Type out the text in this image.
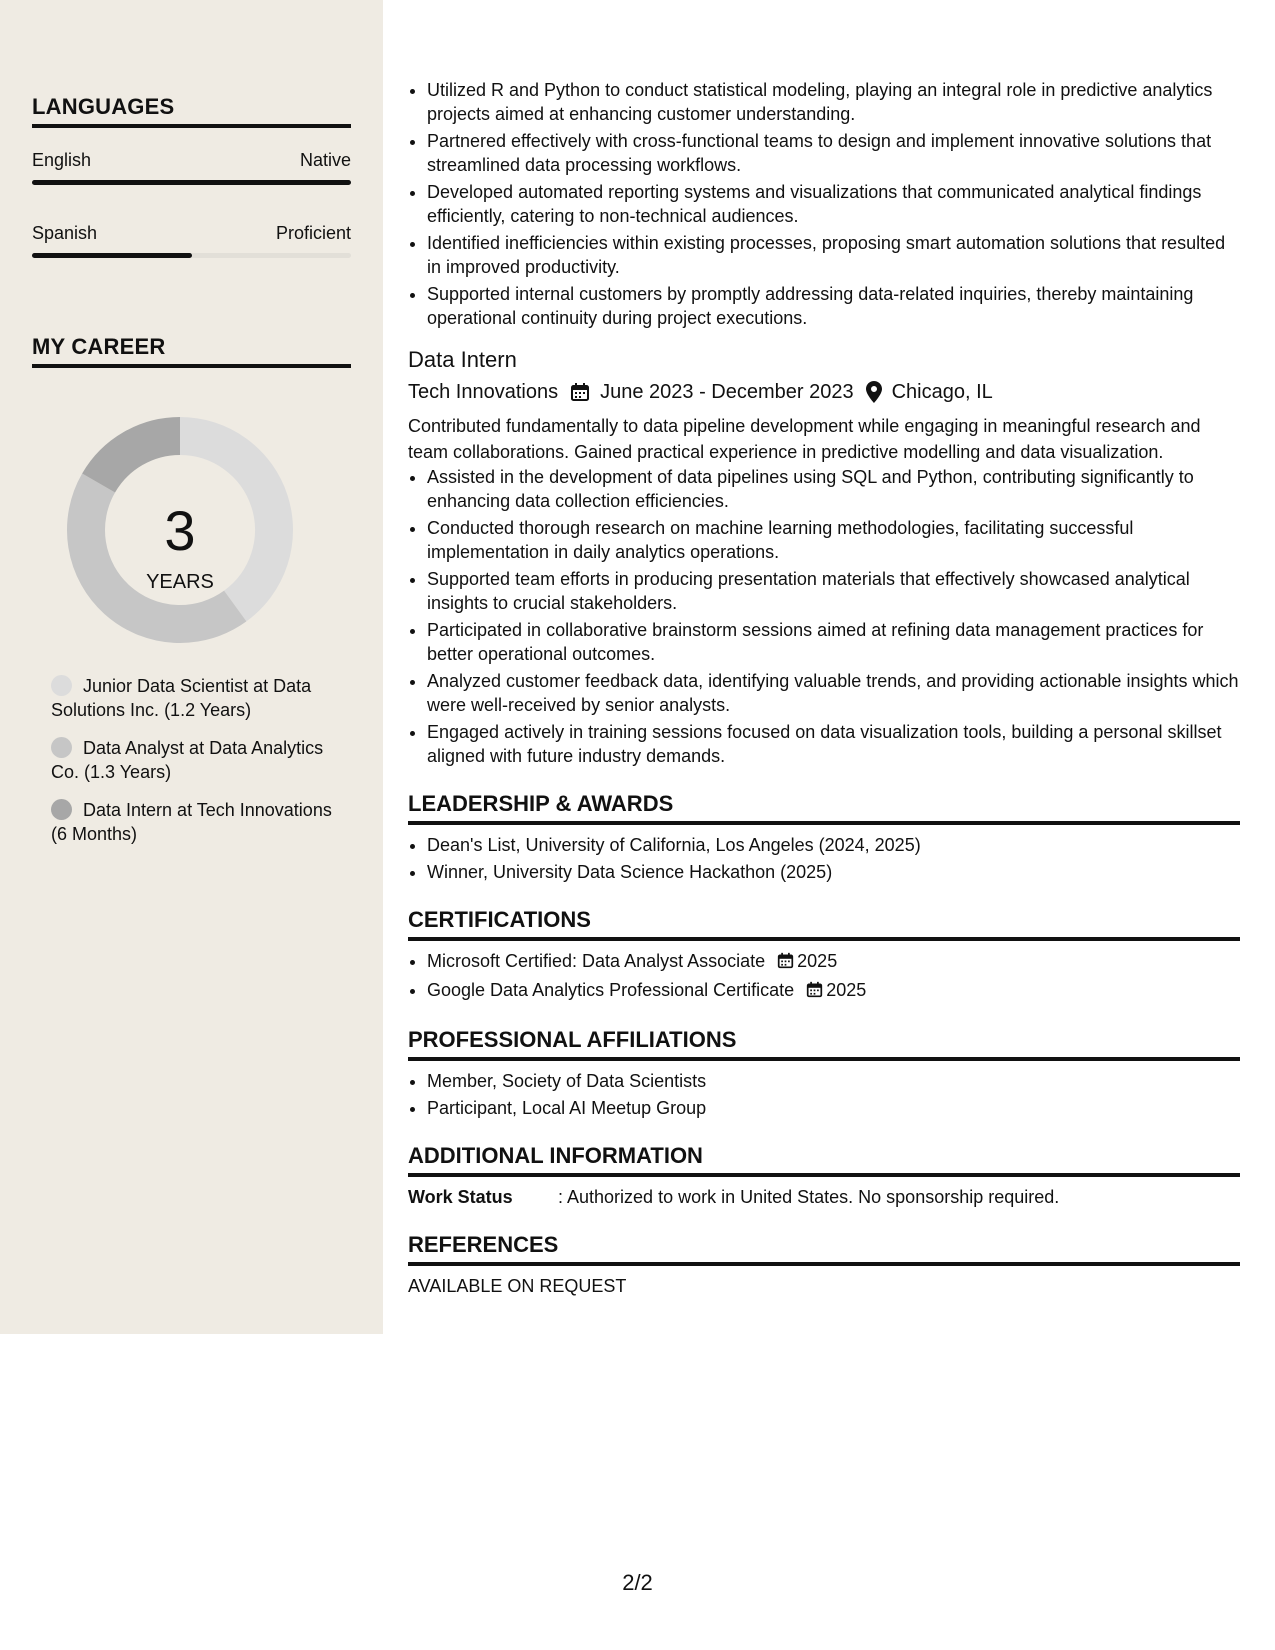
LANGUAGES
English	Native
Spanish	Proficient
MY CAREER
3
YEARS
Junior Data Scientist at Data Solutions Inc. (1.2 Years)
Data Analyst at Data Analytics Co. (1.3 Years)
Data Intern at Tech Innovations (6 Months)
• Utilized R and Python to conduct statistical modeling, playing an integral role in predictive analytics projects aimed at enhancing customer understanding.
• Partnered effectively with cross-functional teams to design and implement innovative solutions that streamlined data processing workflows.
• Developed automated reporting systems and visualizations that communicated analytical findings efficiently, catering to non-technical audiences.
• Identified inefficiencies within existing processes, proposing smart automation solutions that resulted in improved productivity.
• Supported internal customers by promptly addressing data-related inquiries, thereby maintaining operational continuity during project executions.
Data Intern
Tech Innovations June 2023 - December 2023 Chicago, IL
Contributed fundamentally to data pipeline development while engaging in meaningful research and team collaborations. Gained practical experience in predictive modelling and data visualization.
• Assisted in the development of data pipelines using SQL and Python, contributing significantly to enhancing data collection efficiencies.
• Conducted thorough research on machine learning methodologies, facilitating successful implementation in daily analytics operations.
• Supported team efforts in producing presentation materials that effectively showcased analytical insights to crucial stakeholders.
• Participated in collaborative brainstorm sessions aimed at refining data management practices for better operational outcomes.
• Analyzed customer feedback data, identifying valuable trends, and providing actionable insights which were well-received by senior analysts.
• Engaged actively in training sessions focused on data visualization tools, building a personal skillset aligned with future industry demands.
LEADERSHIP & AWARDS
• Dean's List, University of California, Los Angeles (2024, 2025)
• Winner, University Data Science Hackathon (2025)
CERTIFICATIONS
• Microsoft Certified: Data Analyst Associate 2025
• Google Data Analytics Professional Certificate 2025
PROFESSIONAL AFFILIATIONS
• Member, Society of Data Scientists
• Participant, Local AI Meetup Group
ADDITIONAL INFORMATION
Work Status	: Authorized to work in United States. No sponsorship required.
REFERENCES
AVAILABLE ON REQUEST
2/2
